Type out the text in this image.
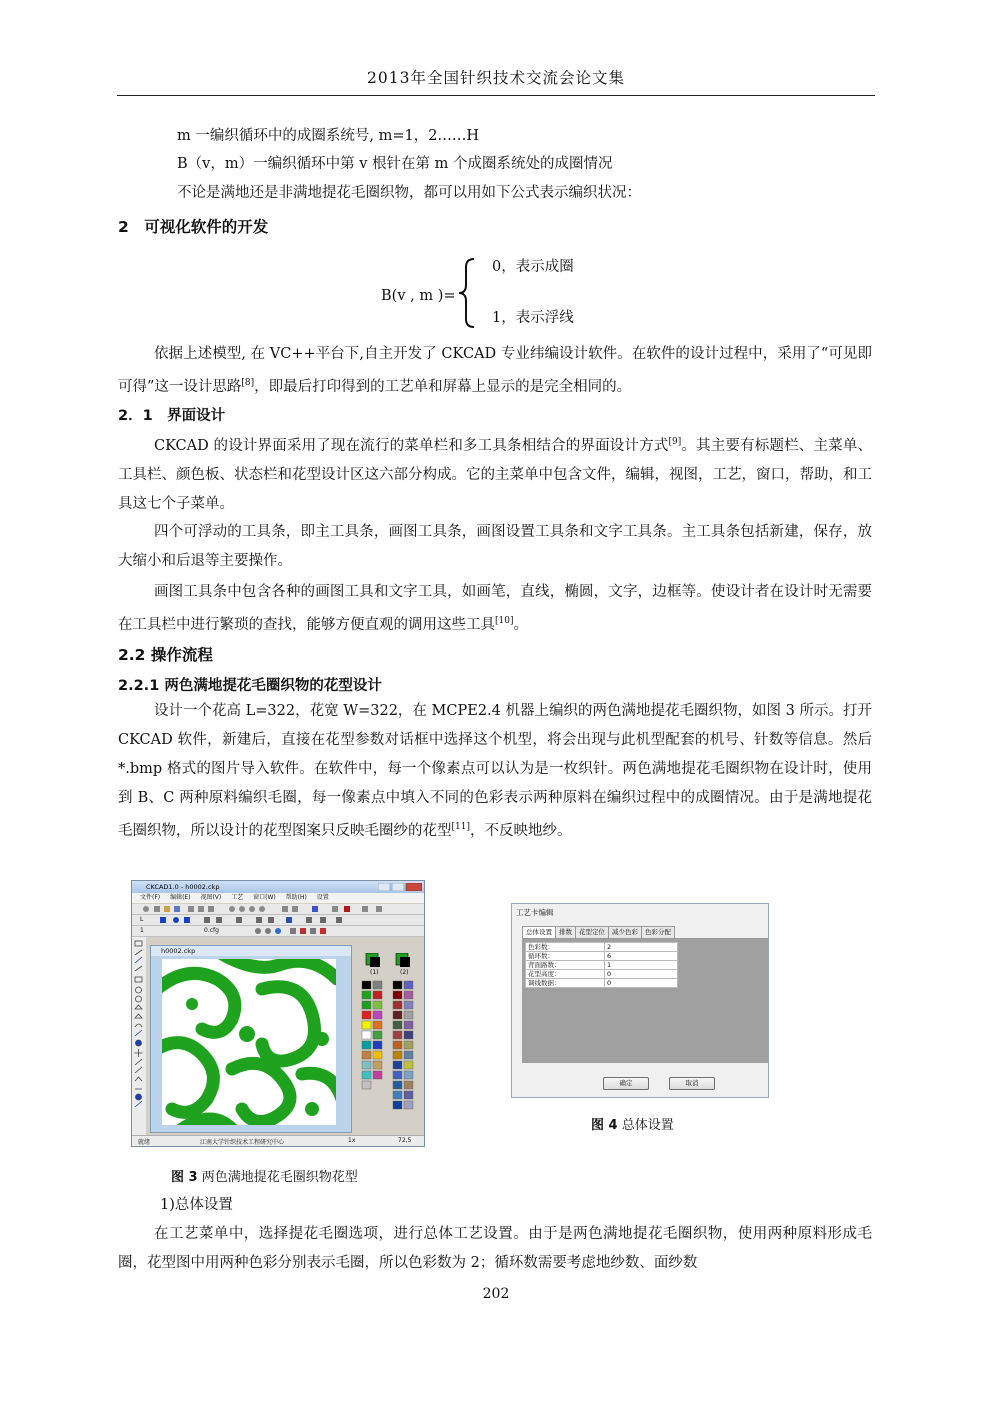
2013年全国针织技术交流会论文集
m 一编织循环中的成圈系统号, m=1，2……H
B（v，m）一编织循环中第 v 根针在第 m 个成圈系统处的成圈情况
不论是满地还是非满地提花毛圈织物，都可以用如下公式表示编织状况：
2　可视化软件的开发
B(v , m )=
0，表示成圈
1，表示浮线
依据上述模型, 在 VC++平台下,自主开发了 CKCAD 专业纬编设计软件。在软件的设计过程中，采用了“可见即可得”这一设计思路[8]，即最后打印得到的工艺单和屏幕上显示的是完全相同的。
2．1　界面设计
CKCAD 的设计界面采用了现在流行的菜单栏和多工具条相结合的界面设计方式[9]。其主要有标题栏、主菜单、工具栏、颜色板、状态栏和花型设计区这六部分构成。它的主菜单中包含文件，编辑，视图，工艺，窗口，帮助，和工具这七个子菜单。
四个可浮动的工具条，即主工具条，画图工具条，画图设置工具条和文字工具条。主工具条包括新建，保存，放大缩小和后退等主要操作。
画图工具条中包含各种的画图工具和文字工具，如画笔，直线，椭圆，文字，边框等。使设计者在设计时无需要在工具栏中进行繁琐的查找，能够方便直观的调用这些工具[10]。
2.2 操作流程
2.2.1 两色满地提花毛圈织物的花型设计
设计一个花高 L=322，花宽 W=322，在 MCPE2.4 机器上编织的两色满地提花毛圈织物，如图 3 所示。打开 CKCAD 软件，新建后，直接在花型参数对话框中选择这个机型，将会出现与此机型配套的机号、针数等信息。然后*.bmp 格式的图片导入软件。在软件中，每一个像素点可以认为是一枚织针。两色满地提花毛圈织物在设计时，使用到 B、C 两种原料编织毛圈，每一像素点中填入不同的色彩表示两种原料在编织过程中的成圈情况。由于是满地提花毛圈织物，所以设计的花型图案只反映毛圈纱的花型[11]，不反映地纱。
CKCAD1.0 - h0002.ckp
文件(F) 编辑(E) 视图(V) 工艺 窗口(W) 帮助(H) 设置
L
1	0.cfg
h0002.ckp
(1)	(2)
就绪	江南大学针织技术工程研究中心	1x	72,5
图 3 两色满地提花毛圈织物花型
工艺卡编辑
总体设置 排数 花型定位 减少色彩 色彩分配
色彩数：	2
循环数：	6
背面路数：	1
花型高度：	0
调线数据：	0
确定	取消
图 4 总体设置
1)总体设置
在工艺菜单中，选择提花毛圈选项，进行总体工艺设置。由于是两色满地提花毛圈织物，使用两种原料形成毛圈，花型图中用两种色彩分别表示毛圈，所以色彩数为 2；循环数需要考虑地纱数、面纱数
202
